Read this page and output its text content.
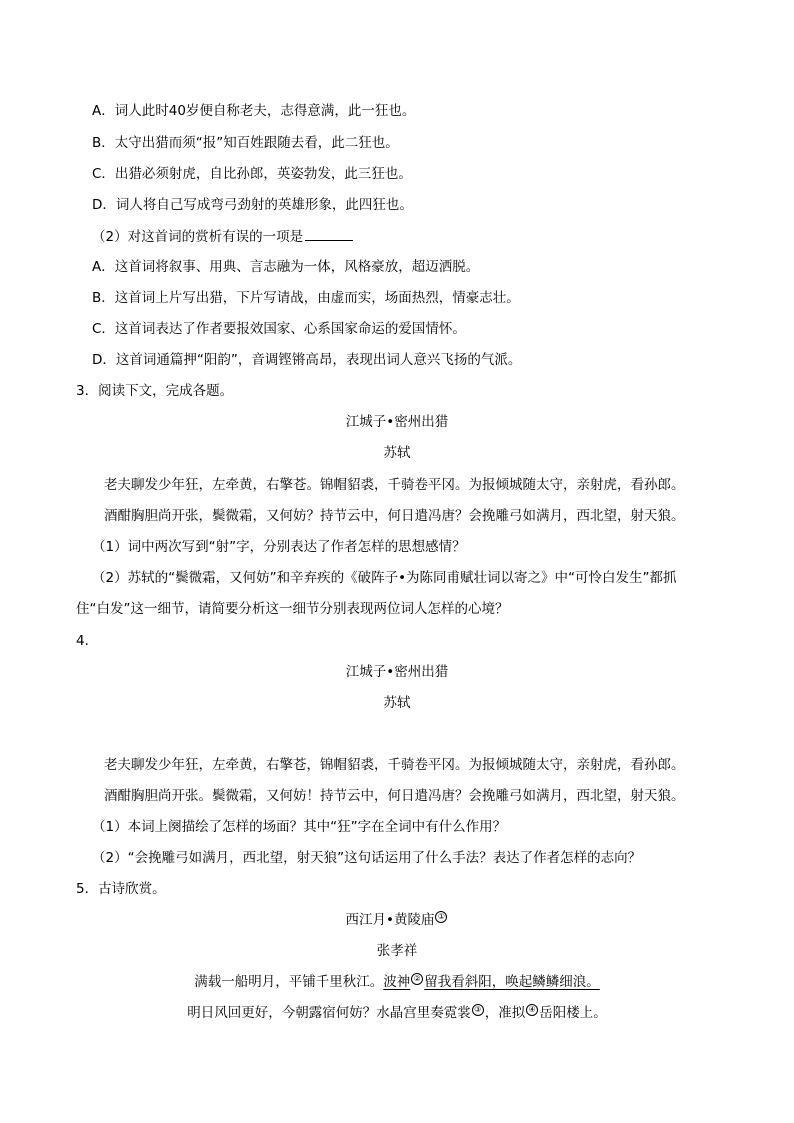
A．词人此时40岁便自称老夫，志得意满，此一狂也。
B．太守出猎而须“报”知百姓跟随去看，此二狂也。
C．出猎必须射虎，自比孙郎，英姿勃发，此三狂也。
D．词人将自己写成弯弓劲射的英雄形象，此四狂也。
（2）对这首词的赏析有误的一项是
A．这首词将叙事、用典、言志融为一体，风格豪放，超迈洒脱。
B．这首词上片写出猎，下片写请战，由虚而实，场面热烈，情豪志壮。
C．这首词表达了作者要报效国家、心系国家命运的爱国情怀。
D．这首词通篇押“阳韵”，音调铿锵高昂，表现出词人意兴飞扬的气派。
3．阅读下文，完成各题。
江城子•密州出猎
苏轼
老夫聊发少年狂，左牵黄，右擎苍。锦帽貂裘，千骑卷平冈。为报倾城随太守，亲射虎，看孙郎。
酒酣胸胆尚开张，鬓微霜，又何妨？持节云中，何日遣冯唐？会挽雕弓如满月，西北望，射天狼。
（1）词中两次写到“射”字，分别表达了作者怎样的思想感情？
（2）苏轼的“鬓微霜，又何妨”和辛弃疾的《破阵子•为陈同甫赋壮词以寄之》中“可怜白发生”都抓
住“白发”这一细节，请简要分析这一细节分别表现两位词人怎样的心境？
4．
江城子•密州出猎
苏轼
老夫聊发少年狂，左牵黄，右擎苍，锦帽貂裘，千骑卷平冈。为报倾城随太守，亲射虎，看孙郎。
酒酣胸胆尚开张。鬓微霜，又何妨！持节云中，何日遣冯唐？会挽雕弓如满月，西北望，射天狼。
（1）本词上阕描绘了怎样的场面？其中“狂”字在全词中有什么作用？
（2）“会挽雕弓如满月，西北望，射天狼”这句话运用了什么手法？表达了作者怎样的志向？
5．古诗欣赏。
西江月•黄陵庙 ①
张孝祥
满载一船明月，平铺千里秋江。波神 ② 留我看斜阳，唤起鳞鳞细浪。
明日风回更好，今朝露宿何妨？水晶宫里奏霓裳 ③ ，准拟 ④ 岳阳楼上。
